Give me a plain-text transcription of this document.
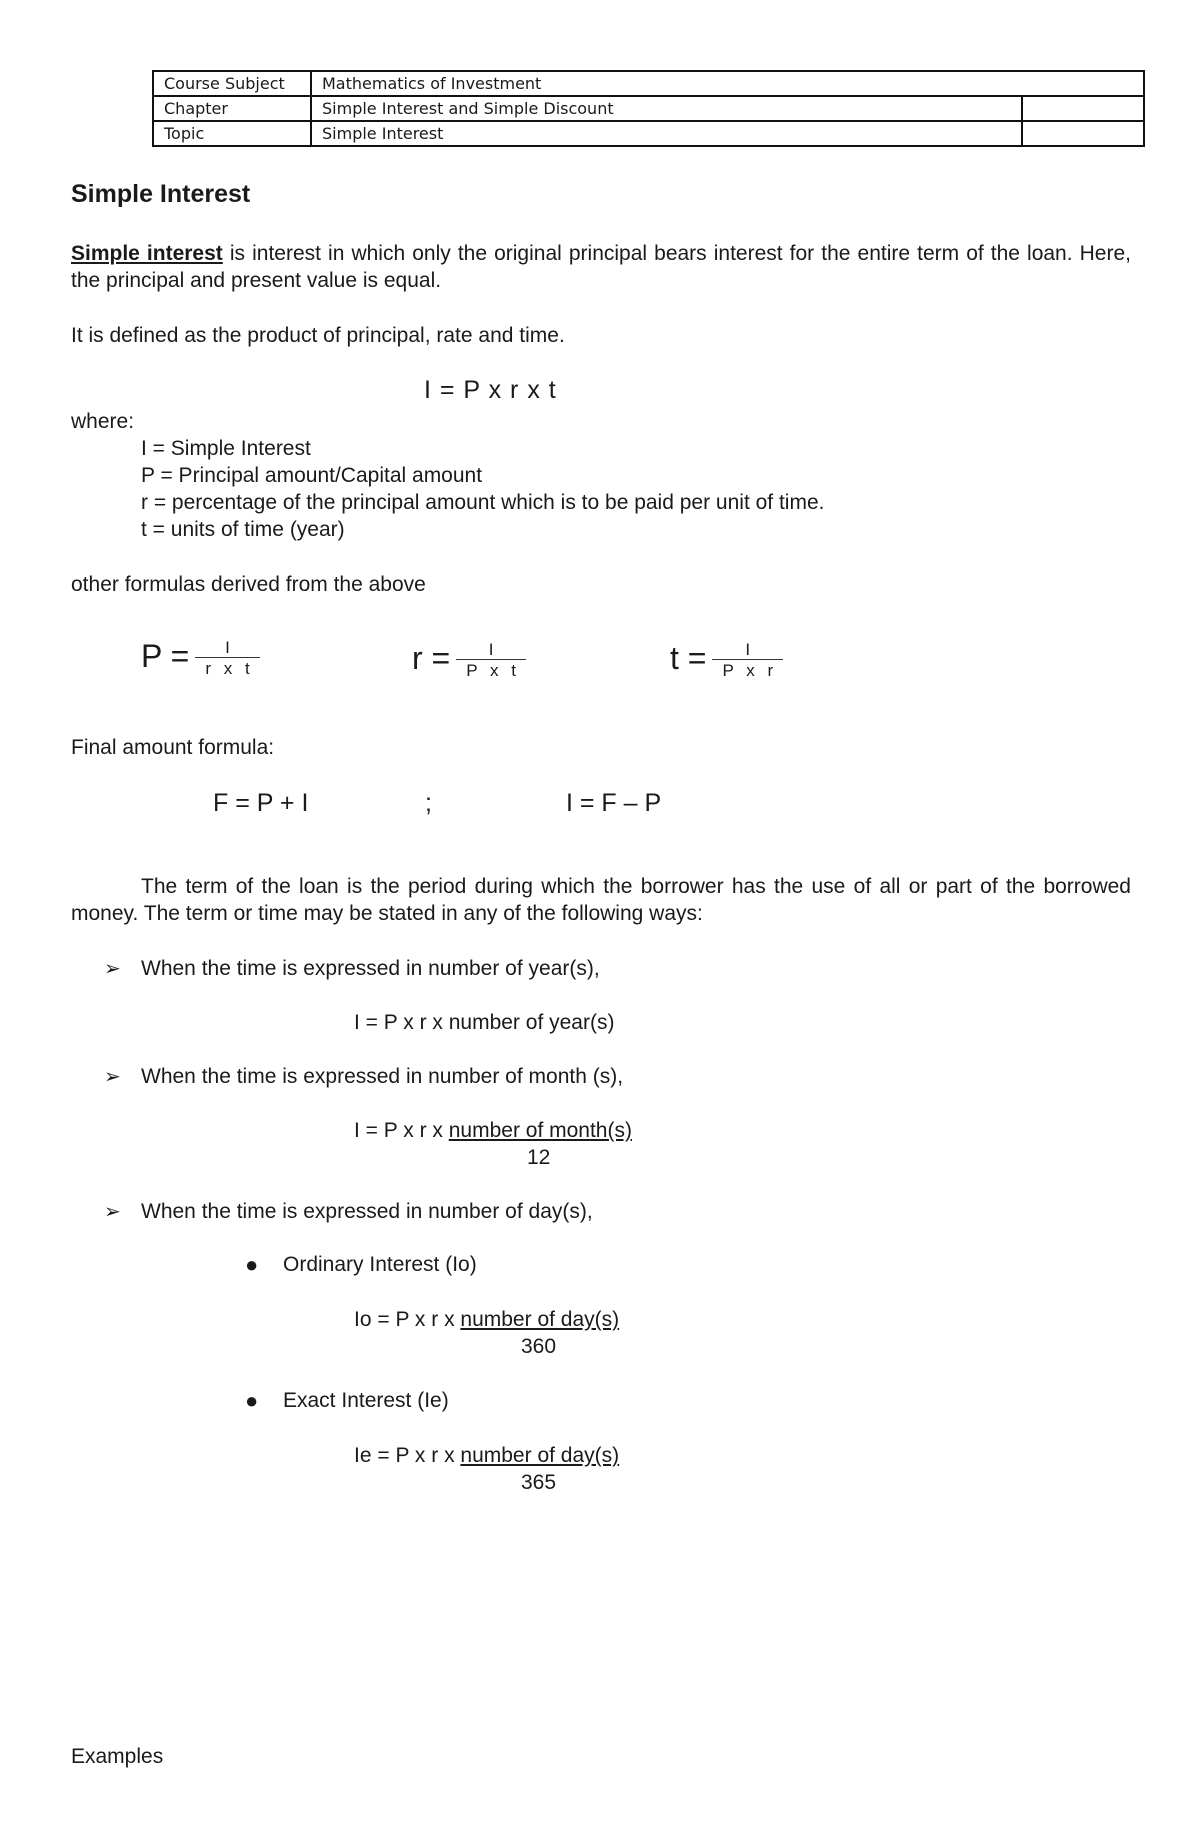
Course Subject	Mathematics of Investment	
Chapter	Simple Interest and Simple Discount	
Topic	Simple Interest	
Simple Interest
Simple interest is interest in which only the original principal bears interest for the entire term of the loan. Here, the principal and present value is equal.
It is defined as the product of principal, rate and time.
I = P x r x t
where:
I = Simple Interest
P = Principal amount/Capital amount
r = percentage of the principal amount which is to be paid per unit of time.
t = units of time (year)
other formulas derived from the above
$P = \frac{I}{\text{r x t}}$	$r = \frac{I}{\text{P x t}}$	$t = \frac{I}{\text{P x r}}$
Final amount formula:
F = P + I	;	I = F – P
The term of the loan is the period during which the borrower has the use of all or part of the borrowed money. The term or time may be stated in any of the following ways:
➢ When the time is expressed in number of year(s),
I = P x r x number of year(s)
➢ When the time is expressed in number of month (s),
I = P x r x number of month(s)
12
➢ When the time is expressed in number of day(s),
● Ordinary Interest (Io)
Io = P x r x number of day(s)
360
● Exact Interest (Ie)
Ie = P x r x number of day(s)
365
Examples
